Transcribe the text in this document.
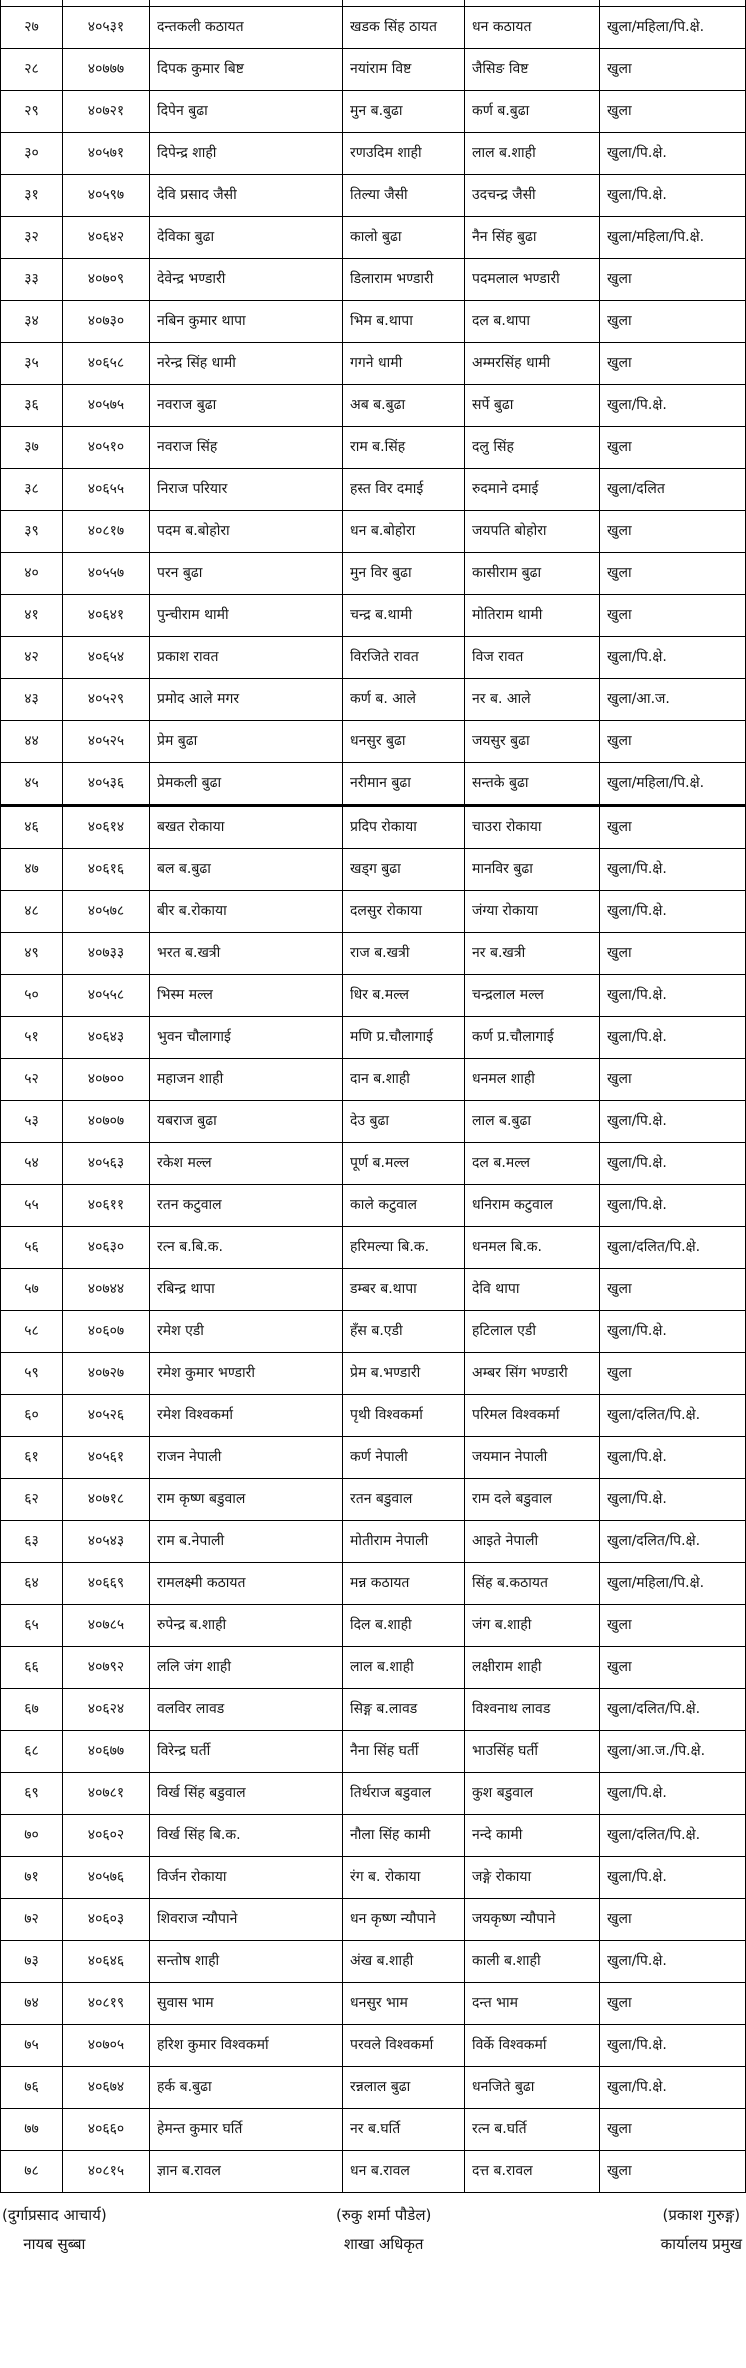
२७	४०५३१	दन्तकली कठायत	खडक सिंह ठायत	धन कठायत	खुला/महिला/पि.क्षे.
२८	४०७७७	दिपक कुमार बिष्ट	नयांराम विष्ट	जैसिङ विष्ट	खुला
२९	४०७२१	दिपेन बुढा	मुन ब.बुढा	कर्ण ब.बुढा	खुला
३०	४०५७१	दिपेन्द्र शाही	रणउदिम शाही	लाल ब.शाही	खुला/पि.क्षे.
३१	४०५९७	देवि प्रसाद जैसी	तिल्या जैसी	उदचन्द्र जैसी	खुला/पि.क्षे.
३२	४०६४२	देविका बुढा	कालो बुढा	नैन सिंह बुढा	खुला/महिला/पि.क्षे.
३३	४०७०९	देवेन्द्र भण्डारी	डिलाराम भण्डारी	पदमलाल भण्डारी	खुला
३४	४०७३०	नबिन कुमार थापा	भिम ब.थापा	दल ब.थापा	खुला
३५	४०६५८	नरेन्द्र सिंह धामी	गगने धामी	अम्मरसिंह धामी	खुला
३६	४०५७५	नवराज बुढा	अब ब.बुढा	सर्पे बुढा	खुला/पि.क्षे.
३७	४०५१०	नवराज सिंह	राम ब.सिंह	दलु सिंह	खुला
३८	४०६५५	निराज परियार	हस्त विर दमाई	रुदमाने दमाई	खुला/दलित
३९	४०८१७	पदम ब.बोहोरा	धन ब.बोहोरा	जयपति बोहोरा	खुला
४०	४०५५७	परन बुढा	मुन विर बुढा	कासीराम बुढा	खुला
४१	४०६४१	पुन्चीराम थामी	चन्द्र ब.थामी	मोतिराम थामी	खुला
४२	४०६५४	प्रकाश रावत	विरजिते रावत	विज रावत	खुला/पि.क्षे.
४३	४०५२९	प्रमोद आले मगर	कर्ण ब. आले	नर ब. आले	खुला/आ.ज.
४४	४०५२५	प्रेम बुढा	धनसुर बुढा	जयसुर बुढा	खुला
४५	४०५३६	प्रेमकली बुढा	नरीमान बुढा	सन्तके बुढा	खुला/महिला/पि.क्षे.
४६	४०६१४	बखत रोकाया	प्रदिप रोकाया	चाउरा रोकाया	खुला
४७	४०६१६	बल ब.बुढा	खड्ग बुढा	मानविर बुढा	खुला/पि.क्षे.
४८	४०५७८	बीर ब.रोकाया	दलसुर रोकाया	जंग्या रोकाया	खुला/पि.क्षे.
४९	४०७३३	भरत ब.खत्री	राज ब.खत्री	नर ब.खत्री	खुला
५०	४०५५८	भिस्म मल्ल	धिर ब.मल्ल	चन्द्रलाल मल्ल	खुला/पि.क्षे.
५१	४०६४३	भुवन चौलागाई	मणि प्र.चौलागाई	कर्ण प्र.चौलागाई	खुला/पि.क्षे.
५२	४०७००	महाजन शाही	दान ब.शाही	धनमल शाही	खुला
५३	४०७०७	यबराज बुढा	देउ बुढा	लाल ब.बुढा	खुला/पि.क्षे.
५४	४०५६३	रकेश मल्ल	पूर्ण ब.मल्ल	दल ब.मल्ल	खुला/पि.क्षे.
५५	४०६११	रतन कटुवाल	काले कटुवाल	धनिराम कटुवाल	खुला/पि.क्षे.
५६	४०६३०	रत्न ब.बि.क.	हरिमल्या बि.क.	धनमल बि.क.	खुला/दलित/पि.क्षे.
५७	४०७४४	रबिन्द्र थापा	डम्बर ब.थापा	देवि थापा	खुला
५८	४०६०७	रमेश एडी	हँस ब.एडी	हटिलाल एडी	खुला/पि.क्षे.
५९	४०७२७	रमेश कुमार भण्डारी	प्रेम ब.भण्डारी	अम्बर सिंग भण्डारी	खुला
६०	४०५२६	रमेश विश्वकर्मा	पृथी विश्वकर्मा	परिमल विश्वकर्मा	खुला/दलित/पि.क्षे.
६१	४०५६१	राजन नेपाली	कर्ण नेपाली	जयमान नेपाली	खुला/पि.क्षे.
६२	४०७१८	राम कृष्ण बडुवाल	रतन बडुवाल	राम दले बडुवाल	खुला/पि.क्षे.
६३	४०५४३	राम ब.नेपाली	मोतीराम नेपाली	आइते नेपाली	खुला/दलित/पि.क्षे.
६४	४०६६९	रामलक्ष्मी कठायत	मन्न कठायत	सिंह ब.कठायत	खुला/महिला/पि.क्षे.
६५	४०७८५	रुपेन्द्र ब.शाही	दिल ब.शाही	जंग ब.शाही	खुला
६६	४०७९२	ललि जंग शाही	लाल ब.शाही	लक्षीराम शाही	खुला
६७	४०६२४	वलविर लावड	सिङ्ग ब.लावड	विश्वनाथ लावड	खुला/दलित/पि.क्षे.
६८	४०६७७	विरेन्द्र घर्ती	नैना सिंह घर्ती	भाउसिंह घर्ती	खुला/आ.ज./पि.क्षे.
६९	४०७८१	विर्ख सिंह बडुवाल	तिर्थराज बडुवाल	कुश बडुवाल	खुला/पि.क्षे.
७०	४०६०२	विर्ख सिंह बि.क.	नौला सिंह कामी	नन्दे कामी	खुला/दलित/पि.क्षे.
७१	४०५७६	विर्जन रोकाया	रंग ब. रोकाया	जङ्गे रोकाया	खुला/पि.क्षे.
७२	४०६०३	शिवराज न्यौपाने	धन कृष्ण न्यौपाने	जयकृष्ण न्यौपाने	खुला
७३	४०६४६	सन्तोष शाही	अंख ब.शाही	काली ब.शाही	खुला/पि.क्षे.
७४	४०८१९	सुवास भाम	धनसुर भाम	दन्त भाम	खुला
७५	४०७०५	हरिश कुमार विश्वकर्मा	परवले विश्वकर्मा	विर्के विश्वकर्मा	खुला/पि.क्षे.
७६	४०६७४	हर्क ब.बुढा	रन्नलाल बुढा	धनजिते बुढा	खुला/पि.क्षे.
७७	४०६६०	हेमन्त कुमार घर्ति	नर ब.घर्ति	रत्न ब.घर्ति	खुला
७८	४०८१५	ज्ञान ब.रावल	धन ब.रावल	दत्त ब.रावल	खुला
(दुर्गाप्रसाद आचार्य)
नायब सुब्बा
(रुकु शर्मा पौडेल)
शाखा अधिकृत
(प्रकाश गुरुङ्ग)
कार्यालय प्रमुख
